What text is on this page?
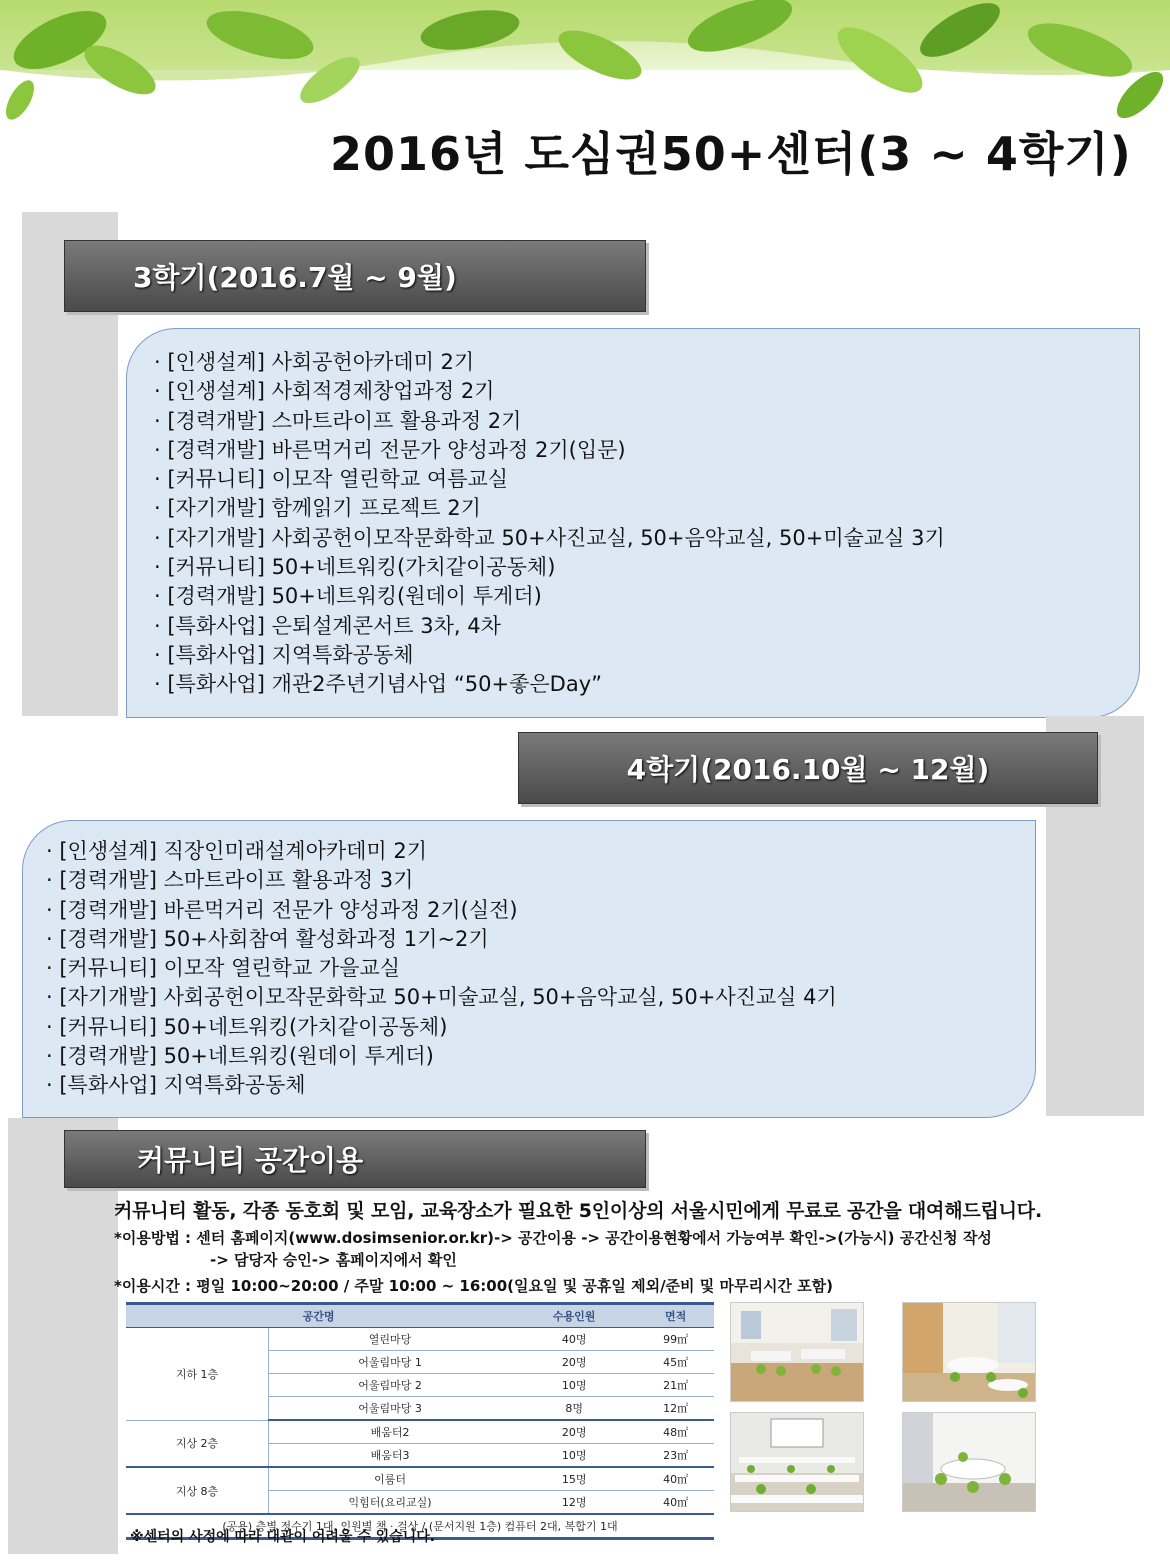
2016년 도심권50+센터(3 ~ 4학기)
3학기(2016.7월 ~ 9월)
· [인생설계] 사회공헌아카데미 2기
· [인생설계] 사회적경제창업과정 2기
· [경력개발] 스마트라이프 활용과정 2기
· [경력개발] 바른먹거리 전문가 양성과정 2기(입문)
· [커뮤니티] 이모작 열린학교 여름교실
· [자기개발] 함께읽기 프로젝트 2기
· [자기개발] 사회공헌이모작문화학교 50+사진교실, 50+음악교실, 50+미술교실 3기
· [커뮤니티] 50+네트워킹(가치같이공동체)
· [경력개발] 50+네트워킹(원데이 투게더)
· [특화사업] 은퇴설계콘서트 3차, 4차
· [특화사업] 지역특화공동체
· [특화사업] 개관2주년기념사업 “50+좋은Day”
4학기(2016.10월 ~ 12월)
· [인생설계] 직장인미래설계아카데미 2기
· [경력개발] 스마트라이프 활용과정 3기
· [경력개발] 바른먹거리 전문가 양성과정 2기(실전)
· [경력개발] 50+사회참여 활성화과정 1기~2기
· [커뮤니티] 이모작 열린학교 가을교실
· [자기개발] 사회공헌이모작문화학교 50+미술교실, 50+음악교실, 50+사진교실 4기
· [커뮤니티] 50+네트워킹(가치같이공동체)
· [경력개발] 50+네트워킹(원데이 투게더)
· [특화사업] 지역특화공동체
커뮤니티 공간이용
커뮤니티 활동, 각종 동호회 및 모임, 교육장소가 필요한 5인이상의 서울시민에게 무료로 공간을 대여해드립니다.
*이용방법 : 센터 홈페이지(www.dosimsenior.or.kr)-> 공간이용 -> 공간이용현황에서 가능여부 확인->(가능시) 공간신청 작성
-> 담당자 승인-> 홈페이지에서 확인
*이용시간 : 평일 10:00~20:00 / 주말 10:00 ~ 16:00(일요일 및 공휴일 제외/준비 및 마무리시간 포함)
공간명		수용인원	면적
지하 1층	열린마당	40명	99㎡
	어울림마당 1	20명	45㎡
	어울림마당 2	10명	21㎡
	어울림마당 3	8명	12㎡
지상 2층	배움터2	20명	48㎡
	배움터3	10명	23㎡
지상 8층	이룸터	15명	40㎡
	익힘터(요리교실)	12명	40㎡
(공용) 층별 정수기 1대, 인원별 책 · 걸상 / (문서지원 1층) 컴퓨터 2대, 복합기 1대			
※센터의 사정에 따라 대관이 어려울 수 있습니다.
